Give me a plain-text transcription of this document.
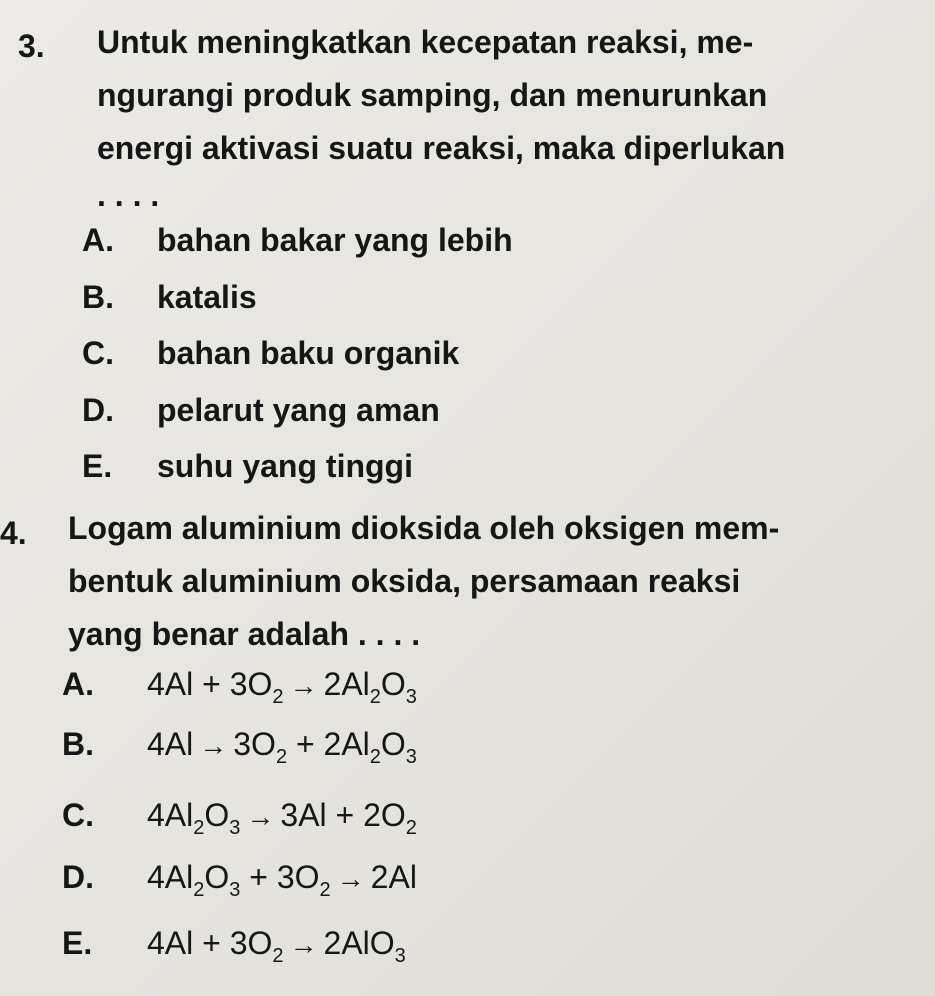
3. Untuk meningkatkan kecepatan reaksi, me-
ngurangi produk samping, dan menurunkan
energi aktivasi suatu reaksi, maka diperlukan
. . . .
A. bahan bakar yang lebih
B. katalis
C. bahan baku organik
D. pelarut yang aman
E. suhu yang tinggi
4. Logam aluminium dioksida oleh oksigen mem-
bentuk aluminium oksida, persamaan reaksi
yang benar adalah . . . .
A. $4Al + 3O_2 \to 2Al_2O_3$
B. $4Al \to 3O_2 + 2Al_2O_3$
C. $4Al_2O_3 \to 3Al + 2O_2$
D. $4Al_2O_3 + 3O_2 \to 2Al$
E. $4Al + 3O_2 \to 2AlO_3$
